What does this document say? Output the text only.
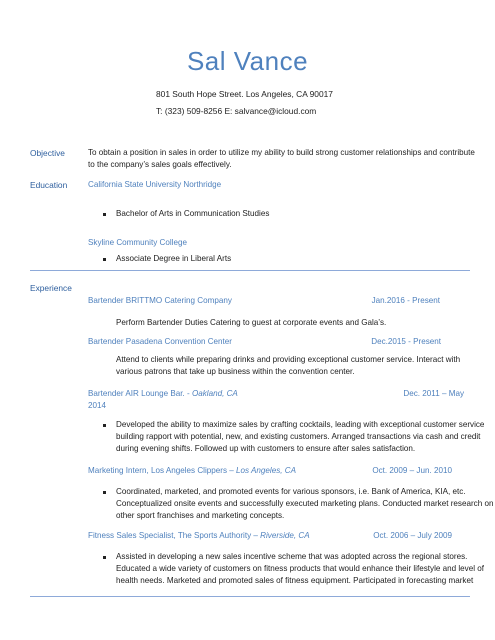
Sal Vance
801 South Hope Street. Los Angeles, CA 90017
T: (323) 509-8256 E: salvance@icloud.com
Objective	To obtain a position in sales in order to utilize my ability to build strong customer relationships and contribute
to the company’s sales goals effectively.
Education	California State University Northridge
Bachelor of Arts in Communication Studies
Skyline Community College
Associate Degree in Liberal Arts
Experience
Bartender BRITTMO Catering Company	Jan.2016 - Present
Perform Bartender Duties Catering to guest at corporate events and Gala’s.
Bartender Pasadena Convention Center	Dec.2015 - Present
Attend to clients while preparing drinks and providing exceptional customer service. Interact with
various patrons that take up business within the convention center.
Bartender AIR Lounge Bar. - Oakland, CA	Dec. 2011 – May
2014
Developed the ability to maximize sales by crafting cocktails, leading with exceptional customer service
building rapport with potential, new, and existing customers. Arranged transactions via cash and credit
during evening shifts. Followed up with customers to ensure after sales satisfaction.
Marketing Intern, Los Angeles Clippers – Los Angeles, CA	Oct. 2009 – Jun. 2010
Coordinated, marketed, and promoted events for various sponsors, i.e. Bank of America, KIA, etc.
Conceptualized onsite events and successfully executed marketing plans. Conducted market research on
other sport franchises and marketing concepts.
Fitness Sales Specialist, The Sports Authority – Riverside, CA	Oct. 2006 – July 2009
Assisted in developing a new sales incentive scheme that was adopted across the regional stores.
Educated a wide variety of customers on fitness products that would enhance their lifestyle and level of
health needs. Marketed and promoted sales of fitness equipment. Participated in forecasting market
